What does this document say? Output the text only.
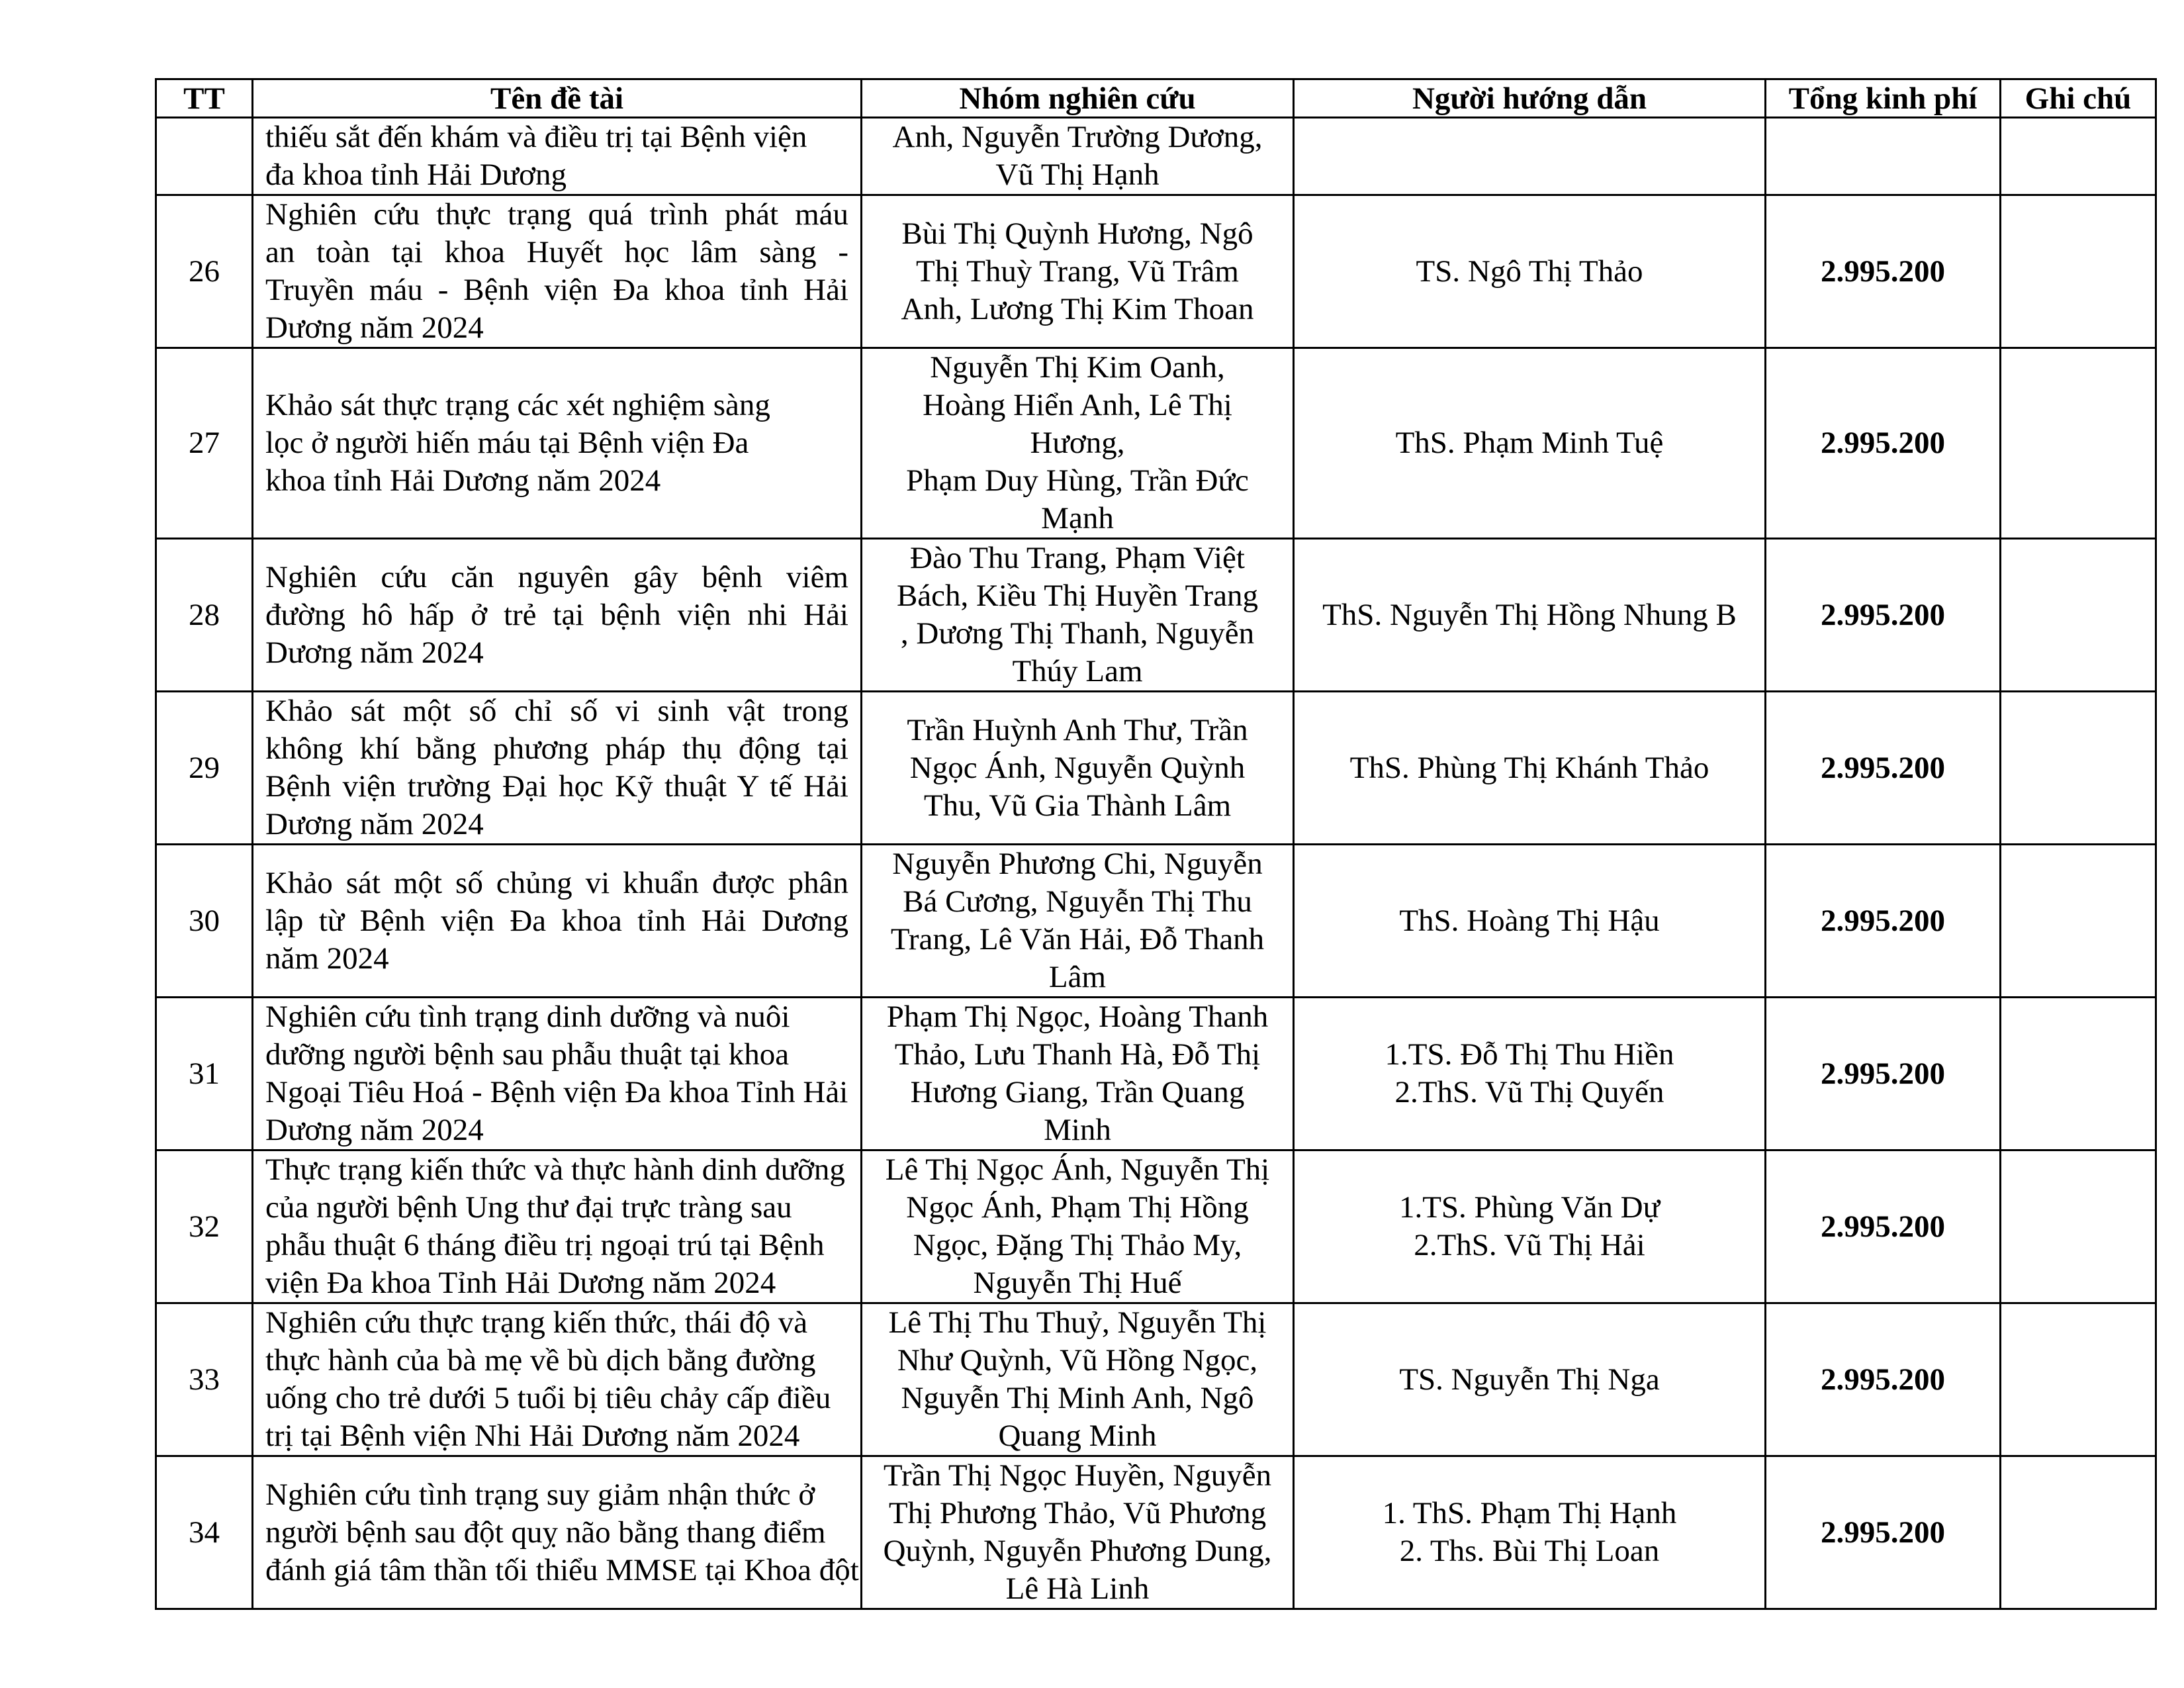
TT	Tên đề tài	Nhóm nghiên cứu	Người hướng dẫn	Tổng kinh phí	Ghi chú

	thiếu sắt đến khám và điều trị tại Bệnh viện
đa khoa tỉnh Hải Dương	Anh, Nguyễn Trường Dương,
Vũ Thị Hạnh			

26	Nghiên cứu thực trạng quá trình phát máu
an toàn tại khoa Huyết học lâm sàng -
Truyền máu - Bệnh viện Đa khoa tỉnh Hải
Dương năm 2024	Bùi Thị Quỳnh Hương, Ngô
Thị Thuỳ Trang, Vũ Trâm
Anh, Lương Thị Kim Thoan	TS. Ngô Thị Thảo	2.995.200	
27	Khảo sát thực trạng các xét nghiệm sàng
lọc ở người hiến máu tại Bệnh viện Đa
khoa tỉnh Hải Dương năm 2024	Nguyễn Thị Kim Oanh,
Hoàng Hiển Anh, Lê Thị
Hương,
Phạm Duy Hùng, Trần Đức
Mạnh	ThS. Phạm Minh Tuệ	2.995.200	
28	Nghiên cứu căn nguyên gây bệnh viêm
đường hô hấp ở trẻ tại bệnh viện nhi Hải
Dương năm 2024	Đào Thu Trang, Phạm Việt
Bách, Kiều Thị Huyền Trang
, Dương Thị Thanh, Nguyễn
Thúy Lam	ThS. Nguyễn Thị Hồng Nhung B	2.995.200	
29	Khảo sát một số chỉ số vi sinh vật trong
không khí bằng phương pháp thụ động tại
Bệnh viện trường Đại học Kỹ thuật Y tế Hải
Dương năm 2024	Trần Huỳnh Anh Thư, Trần
Ngọc Ánh, Nguyễn Quỳnh
Thu, Vũ Gia Thành Lâm	ThS. Phùng Thị Khánh Thảo	2.995.200	
30	Khảo sát một số chủng vi khuẩn được phân
lập từ Bệnh viện Đa khoa tỉnh Hải Dương
năm 2024	Nguyễn Phương Chi, Nguyễn
Bá Cương, Nguyễn Thị Thu
Trang, Lê Văn Hải, Đỗ Thanh
Lâm	ThS. Hoàng Thị Hậu	2.995.200	
31	Nghiên cứu tình trạng dinh dưỡng và nuôi
dưỡng người bệnh sau phẫu thuật tại khoa
Ngoại Tiêu Hoá - Bệnh viện Đa khoa Tỉnh Hải
Dương năm 2024	Phạm Thị Ngọc, Hoàng Thanh
Thảo, Lưu Thanh Hà, Đỗ Thị
Hương Giang, Trần Quang
Minh	1.TS. Đỗ Thị Thu Hiền
2.ThS. Vũ Thị Quyến	2.995.200	
32	Thực trạng kiến thức và thực hành dinh dưỡng
của người bệnh Ung thư đại trực tràng sau
phẫu thuật 6 tháng điều trị ngoại trú tại Bệnh
viện Đa khoa Tỉnh Hải Dương năm 2024	Lê Thị Ngọc Ánh, Nguyễn Thị
Ngọc Ánh, Phạm Thị Hồng
Ngọc, Đặng Thị Thảo My,
Nguyễn Thị Huế	1.TS. Phùng Văn Dự
2.ThS. Vũ Thị Hải	2.995.200	
33	Nghiên cứu thực trạng kiến thức, thái độ và
thực hành của bà mẹ về bù dịch bằng đường
uống cho trẻ dưới 5 tuổi bị tiêu chảy cấp điều
trị tại Bệnh viện Nhi Hải Dương năm 2024	Lê Thị Thu Thuỷ, Nguyễn Thị
Như Quỳnh, Vũ Hồng Ngọc,
Nguyễn Thị Minh Anh, Ngô
Quang Minh	TS. Nguyễn Thị Nga	2.995.200	
34	Nghiên cứu tình trạng suy giảm nhận thức ở
người bệnh sau đột quỵ não bằng thang điểm
đánh giá tâm thần tối thiểu MMSE tại Khoa đột	Trần Thị Ngọc Huyền, Nguyễn
Thị Phương Thảo, Vũ Phương
Quỳnh, Nguyễn Phương Dung,
Lê Hà Linh	1. ThS. Phạm Thị Hạnh
2. Ths. Bùi Thị Loan	2.995.200	
